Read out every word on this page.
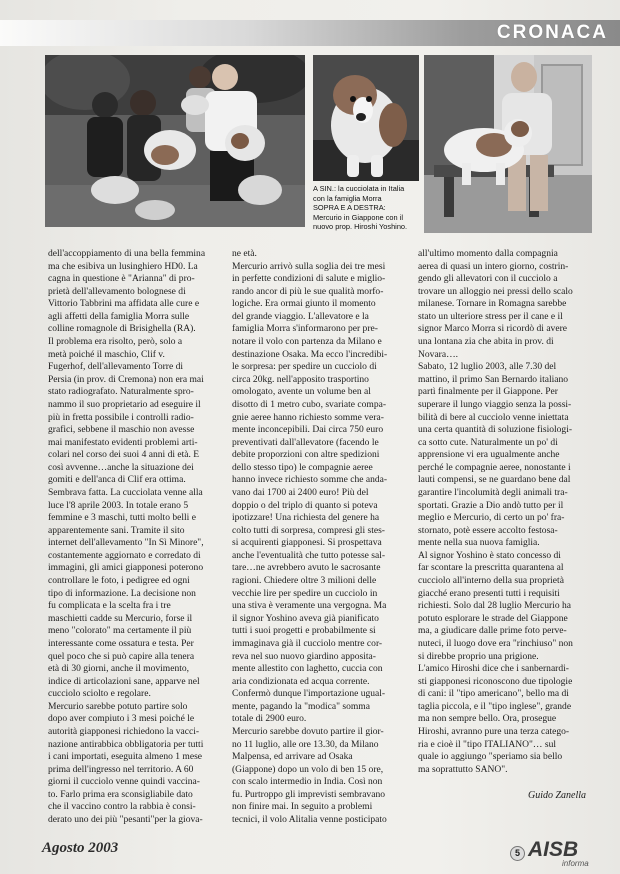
CRONACA
A SIN.: la cucciolata in Italia
con la famiglia Morra
SOPRA E A DESTRA:
Mercurio in Giappone con il
nuovo prop. Hiroshi Yoshino.
dell'accoppiamento di una bella femmina
ma che esibiva un lusinghiero HD0. La
cagna in questione è "Arianna" di pro-
prietà dell'allevamento bolognese di
Vittorio Tabbrini ma affidata alle cure e
agli affetti della famiglia Morra sulle
colline romagnole di Brisighella (RA).
Il problema era risolto, però, solo a
metà poiché il maschio, Clif v.
Fugerhof, dell'allevamento Torre di
Persia (in prov. di Cremona) non era mai
stato radiografato. Naturalmente spro-
nammo il suo proprietario ad eseguire il
più in fretta possibile i controlli radio-
grafici, sebbene il maschio non avesse
mai manifestato evidenti problemi arti-
colari nel corso dei suoi 4 anni di età. E
così avvenne…anche la situazione dei
gomiti e dell'anca di Clif era ottima.
Sembrava fatta. La cucciolata venne alla
luce l'8 aprile 2003. In totale erano 5
femmine e 3 maschi, tutti molto belli e
apparentemente sani. Tramite il sito
internet dell'allevamento "In Sì Minore",
costantemente aggiornato e corredato di
immagini, gli amici giapponesi poterono
controllare le foto, i pedigree ed ogni
tipo di informazione. La decisione non
fu complicata e la scelta fra i tre
maschietti cadde su Mercurio, forse il
meno "colorato" ma certamente il più
interessante come ossatura e testa. Per
quel poco che si può capire alla tenera
età di 30 giorni, anche il movimento,
indice di articolazioni sane, apparve nel
cucciolo sciolto e regolare.
Mercurio sarebbe potuto partire solo
dopo aver compiuto i 3 mesi poiché le
autorità giapponesi richiedono la vacci-
nazione antirabbica obbligatoria per tutti
i cani importati, eseguita almeno 1 mese
prima dell'ingresso nel territorio. A 60
giorni il cucciolo venne quindi vaccina-
to. Farlo prima era sconsigliabile dato
che il vaccino contro la rabbia è consi-
derato uno dei più "pesanti"per la giova-
ne età.
Mercurio arrivò sulla soglia dei tre mesi
in perfette condizioni di salute e miglio-
rando ancor di più le sue qualità morfo-
logiche. Era ormai giunto il momento
del grande viaggio. L'allevatore e la
famiglia Morra s'informarono per pre-
notare il volo con partenza da Milano e
destinazione Osaka. Ma ecco l'incredibi-
le sorpresa: per spedire un cucciolo di
circa 20kg. nell'apposito trasportino
omologato, avente un volume ben al
disotto di 1 metro cubo, svariate compa-
gnie aeree hanno richiesto somme vera-
mente inconcepibili. Dai circa 750 euro
preventivati dall'allevatore (facendo le
debite proporzioni con altre spedizioni
dello stesso tipo) le compagnie aeree
hanno invece richiesto somme che anda-
vano dai 1700 ai 2400 euro! Più del
doppio o del triplo di quanto si poteva
ipotizzare! Una richiesta del genere ha
colto tutti di sorpresa, compresi gli stes-
si acquirenti giapponesi. Si prospettava
anche l'eventualità che tutto potesse sal-
tare…ne avrebbero avuto le sacrosante
ragioni. Chiedere oltre 3 milioni delle
vecchie lire per spedire un cucciolo in
una stiva è veramente una vergogna. Ma
il signor Yoshino aveva già pianificato
tutti i suoi progetti e probabilmente si
immaginava già il cucciolo mentre cor-
reva nel suo nuovo giardino apposita-
mente allestito con laghetto, cuccia con
aria condizionata ed acqua corrente.
Confermò dunque l'importazione ugual-
mente, pagando la "modica" somma
totale di 2900 euro.
Mercurio sarebbe dovuto partire il gior-
no 11 luglio, alle ore 13.30, da Milano
Malpensa, ed arrivare ad Osaka
(Giappone) dopo un volo di ben 15 ore,
con scalo intermedio in India. Così non
fu. Purtroppo gli imprevisti sembravano
non finire mai. In seguito a problemi
tecnici, il volo Alitalia venne posticipato
all'ultimo momento dalla compagnia
aerea di quasi un intero giorno, costrin-
gendo gli allevatori con il cucciolo a
trovare un alloggio nei pressi dello scalo
milanese. Tornare in Romagna sarebbe
stato un ulteriore stress per il cane e il
signor Marco Morra si ricordò di avere
una lontana zia che abita in prov. di
Novara….
Sabato, 12 luglio 2003, alle 7.30 del
mattino, il primo San Bernardo italiano
partì finalmente per il Giappone. Per
superare il lungo viaggio senza la possi-
bilità di bere al cucciolo venne iniettata
una certa quantità di soluzione fisiologi-
ca sotto cute. Naturalmente un po' di
apprensione vi era ugualmente anche
perché le compagnie aeree, nonostante i
lauti compensi, se ne guardano bene dal
garantire l'incolumità degli animali tra-
sportati. Grazie a Dio andò tutto per il
meglio e Mercurio, di certo un po' fra-
stornato, potè essere accolto festosa-
mente nella sua nuova famiglia.
Al signor Yoshino è stato concesso di
far scontare la prescritta quarantena al
cucciolo all'interno della sua proprietà
giacché erano presenti tutti i requisiti
richiesti. Solo dal 28 luglio Mercurio ha
potuto esplorare le strade del Giappone
ma, a giudicare dalle prime foto perve-
nuteci, il luogo dove era "rinchiuso" non
si direbbe proprio una prigione.
L'amico Hiroshi dice che i sanbernardi-
sti giapponesi riconoscono due tipologie
di cani: il "tipo americano", bello ma di
taglia piccola, e il "tipo inglese", grande
ma non sempre bello. Ora, prosegue
Hiroshi, avranno pure una terza catego-
ria e cioè il "tipo ITALIANO"… sul
quale io aggiungo "speriamo sia bello
ma soprattutto SANO".
Guido Zanella
Agosto 2003	5 AISB
informa
